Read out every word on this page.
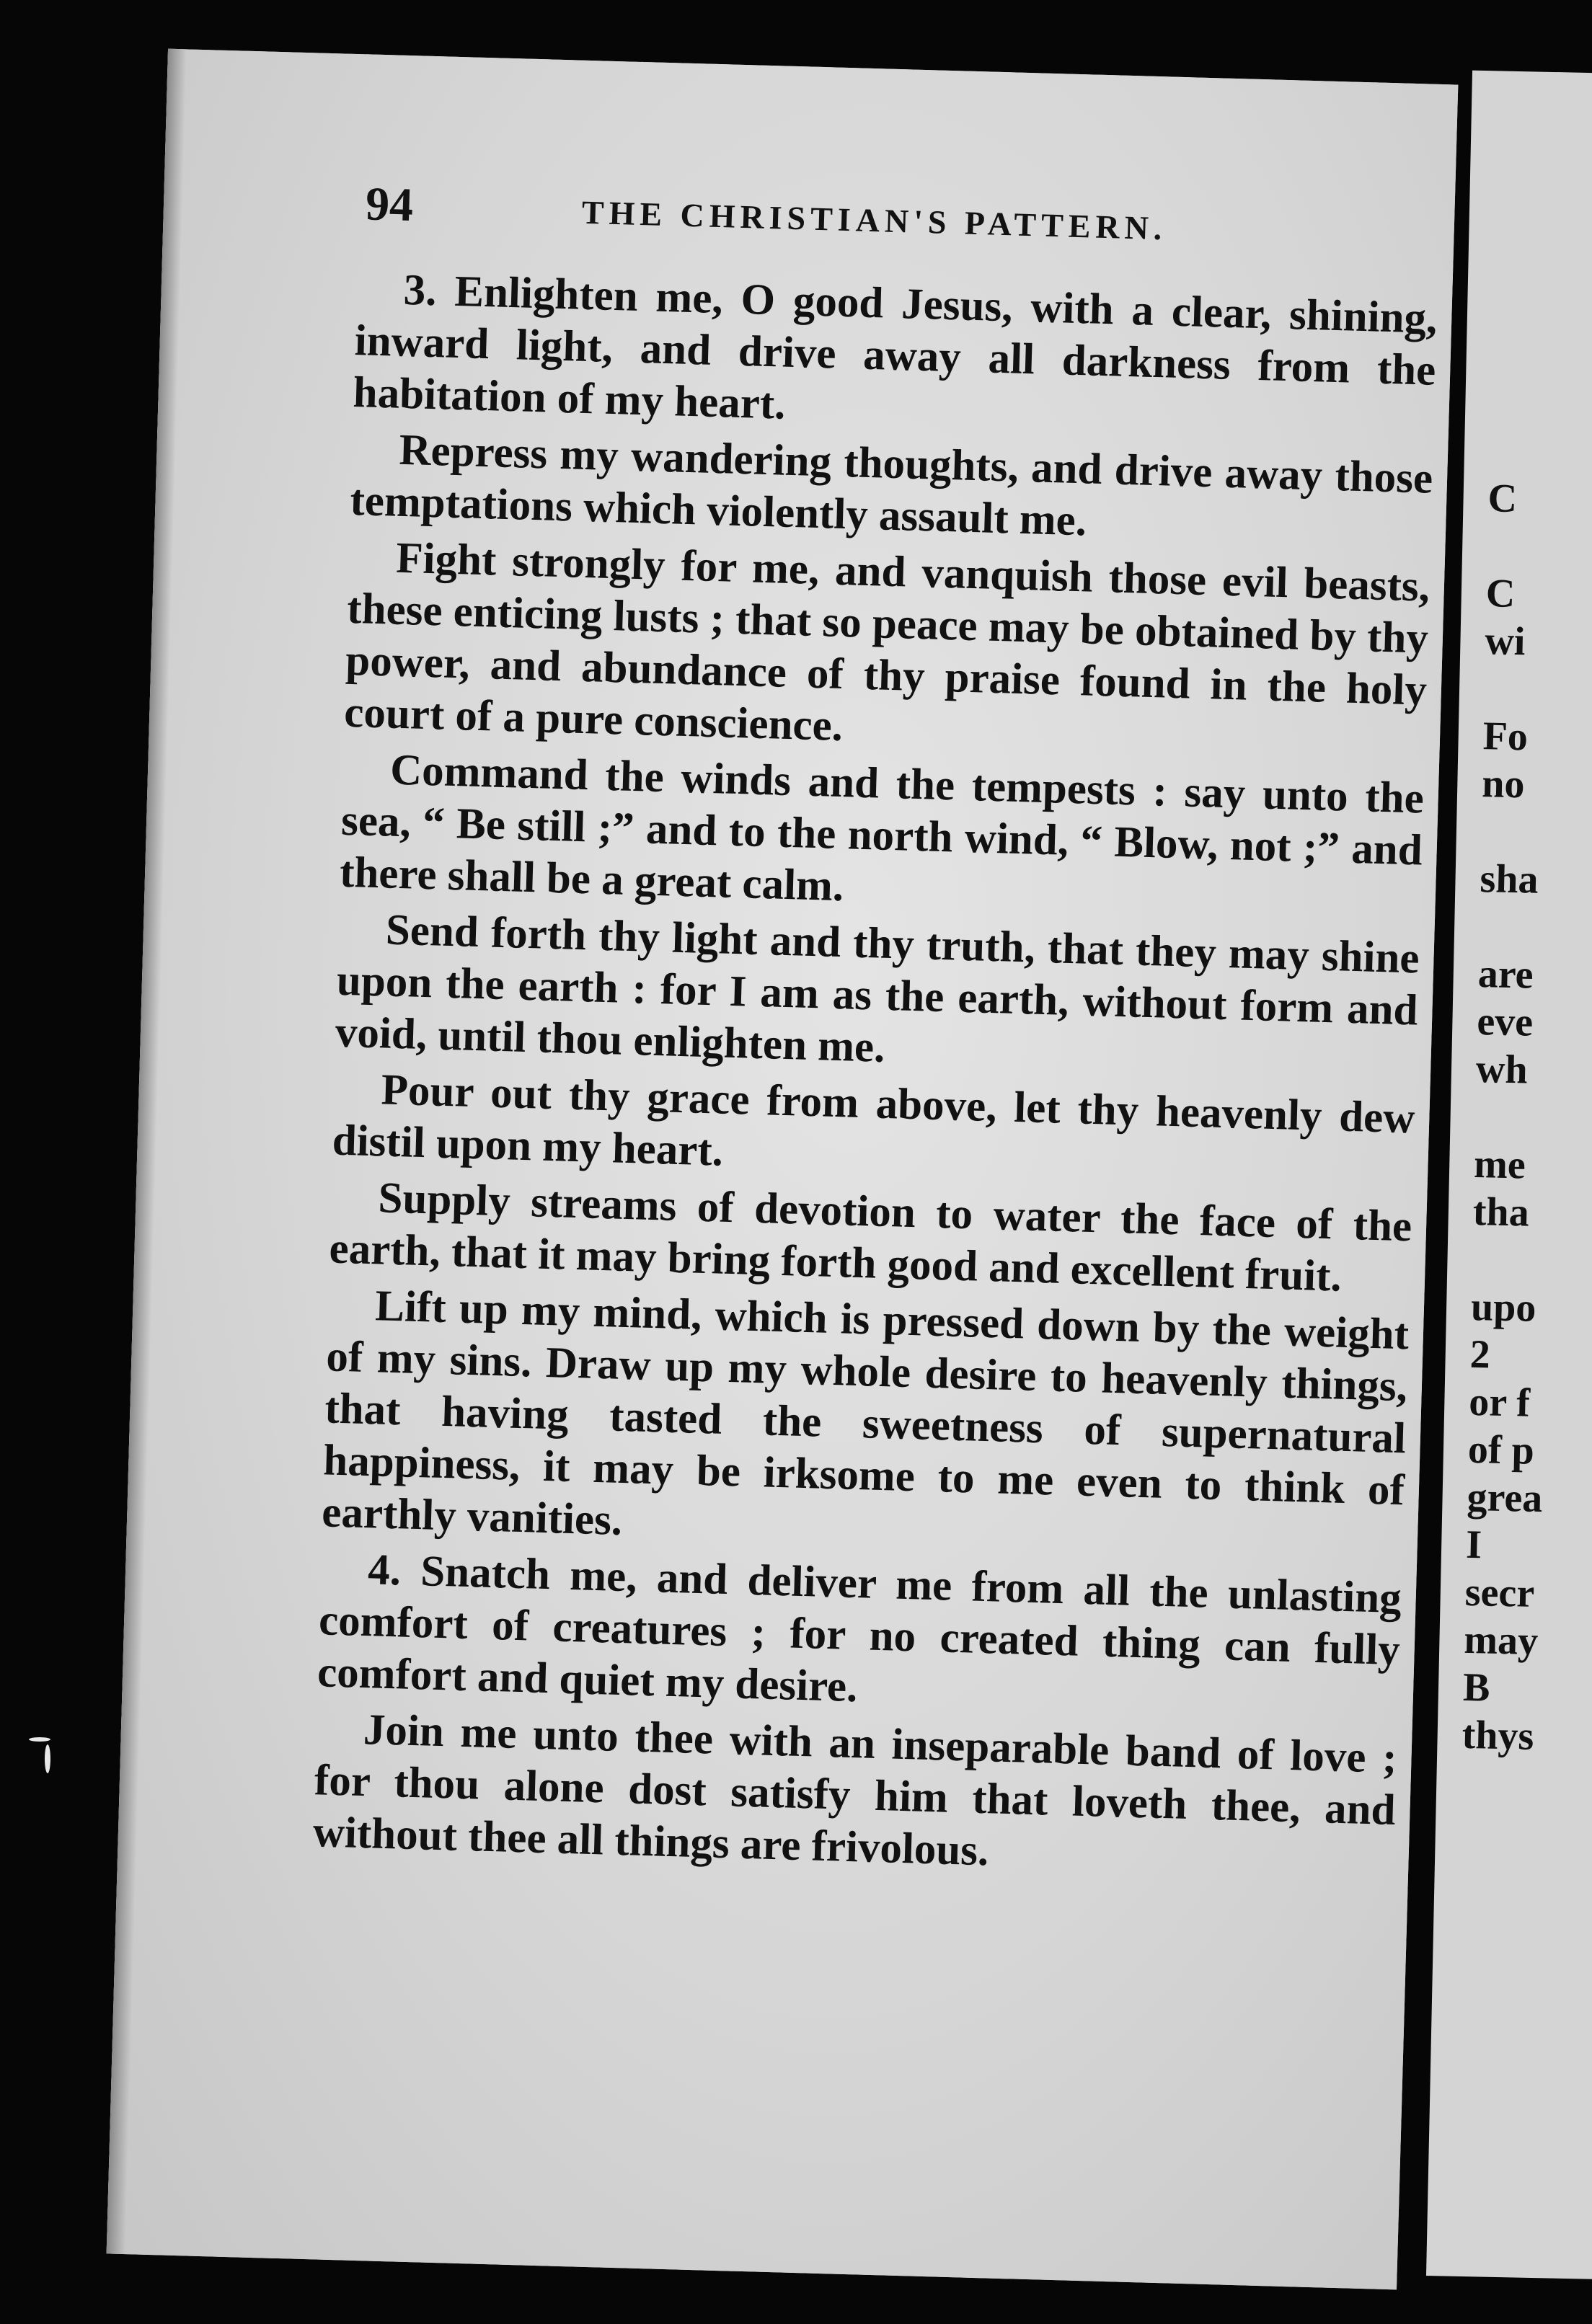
C

C
wi

Fo
no

sha

are
eve
wh

me
tha

upo
2
or f
of p
grea
I
secr
may
B
thys
94	THE CHRISTIAN'S PATTERN.

3. Enlighten me, O good Jesus, with a clear, shining, inward light, and drive away all darkness from the habitation of my heart.

Repress my wandering thoughts, and drive away those temptations which violently assault me.

Fight strongly for me, and vanquish those evil beasts, these enticing lusts ; that so peace may be obtained by thy power, and abundance of thy praise found in the holy court of a pure conscience.

Command the winds and the tempests : say unto the sea, “ Be still ;” and to the north wind, “ Blow, not ;” and there shall be a great calm.

Send forth thy light and thy truth, that they may shine upon the earth : for I am as the earth, without form and void, until thou enlighten me.

Pour out thy grace from above, let thy heavenly dew distil upon my heart.

Supply streams of devotion to water the face of the earth, that it may bring forth good and excellent fruit.

Lift up my mind, which is pressed down by the weight of my sins. Draw up my whole desire to heavenly things, that having tasted the sweetness of supernatural happiness, it may be irksome to me even to think of earthly vanities.

4. Snatch me, and deliver me from all the unlasting comfort of creatures ; for no created thing can fully comfort and quiet my desire.

Join me unto thee with an inseparable band of love ; for thou alone dost satisfy him that loveth thee, and without thee all things are frivolous.
